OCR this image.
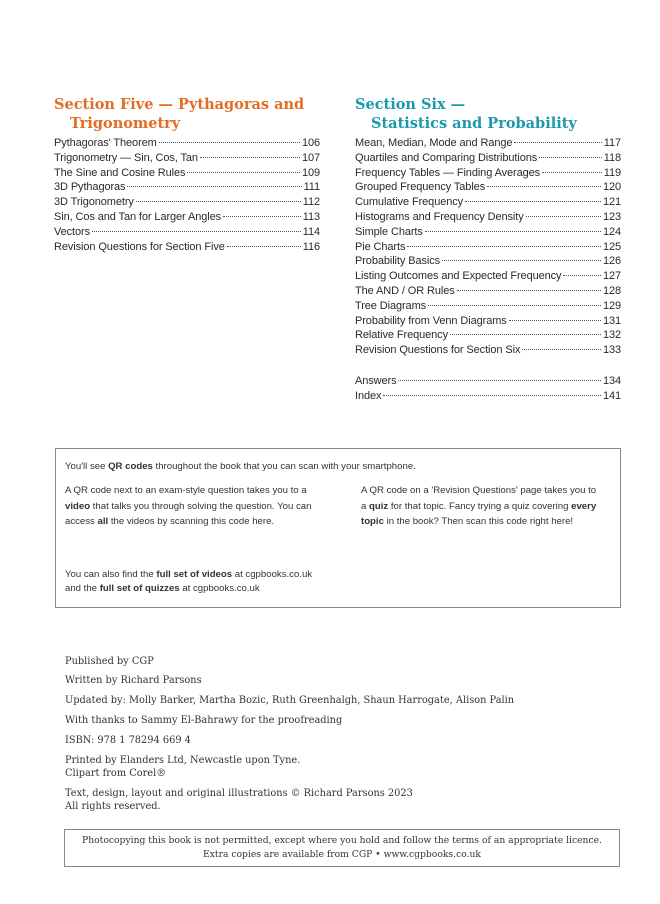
Section Five — Pythagoras and
Trigonometry
Pythagoras' Theorem	106
Trigonometry — Sin, Cos, Tan	107
The Sine and Cosine Rules	109
3D Pythagoras	111
3D Trigonometry	112
Sin, Cos and Tan for Larger Angles	113
Vectors	114
Revision Questions for Section Five	116
Section Six —
Statistics and Probability
Mean, Median, Mode and Range	117
Quartiles and Comparing Distributions	118
Frequency Tables — Finding Averages	119
Grouped Frequency Tables	120
Cumulative Frequency	121
Histograms and Frequency Density	123
Simple Charts	124
Pie Charts	125
Probability Basics	126
Listing Outcomes and Expected Frequency	127
The AND / OR Rules	128
Tree Diagrams	129
Probability from Venn Diagrams	131
Relative Frequency	132
Revision Questions for Section Six	133
Answers	134
Index	141
You'll see QR codes throughout the book that you can scan with your smartphone.
A QR code next to an exam-style question takes you to a video that talks you through solving the question. You can access all the videos by scanning this code here.
A QR code on a 'Revision Questions' page takes you to a quiz for that topic. Fancy trying a quiz covering every topic in the book? Then scan this code right here!
You can also find the full set of videos at cgpbooks.co.uk
and the full set of quizzes at cgpbooks.co.uk
Published by CGP
Written by Richard Parsons
Updated by: Molly Barker, Martha Bozic, Ruth Greenhalgh, Shaun Harrogate, Alison Palin
With thanks to Sammy El-Bahrawy for the proofreading
ISBN: 978 1 78294 669 4
Printed by Elanders Ltd, Newcastle upon Tyne.
Clipart from Corel®
Text, design, layout and original illustrations © Richard Parsons 2023
All rights reserved.
Photocopying this book is not permitted, except where you hold and follow the terms of an appropriate licence.
Extra copies are available from CGP • www.cgpbooks.co.uk
